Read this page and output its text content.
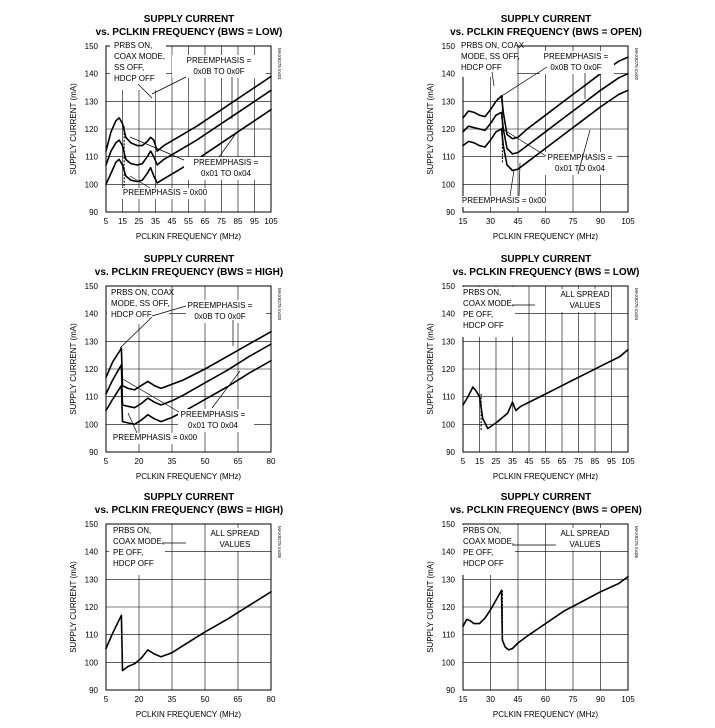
SUPPLY CURRENT
vs. PCLKIN FREQUENCY (BWS = LOW)
5 15 25 35 45 55 65 75 85 95 105
90
100
110
120
130
140
150
PCLKIN FREQUENCY (MHz)
SUPPLY CURRENT (mA)
MAX9275 toc01
PRBS ON,
COAX MODE,
SS OFF,
HDCP OFF
PREEMPHASIS =
0x0B TO 0x0F
PREEMPHASIS =
0x01 TO 0x04
PREEMPHASIS = 0x00
SUPPLY CURRENT
vs. PCLKIN FREQUENCY (BWS = OPEN)
15 30 45 60 75 90 105
90
100
110
120
130
140
150
PCLKIN FREQUENCY (MHz)
SUPPLY CURRENT (mA)
MAX9275 toc02
PRBS ON, COAX
MODE, SS OFF,
HDCP OFF
PREEMPHASIS =
0x0B TO 0x0F
PREEMPHASIS =
0x01 TO 0x04
PREEMPHASIS = 0x00
SUPPLY CURRENT
vs. PCLKIN FREQUENCY (BWS = HIGH)
5	20	35	50	65	80
90
100
110
120
130
140
150
PCLKIN FREQUENCY (MHz)
SUPPLY CURRENT (mA)
MAX9275 toc03
PRBS ON, COAX
MODE, SS OFF,
HDCP OFF
PREEMPHASIS =
0x0B TO 0x0F
PREEMPHASIS =
0x01 TO 0x04
PREEMPHASIS = 0x00
SUPPLY CURRENT
vs. PCLKIN FREQUENCY (BWS = LOW)
5 15 25 35 45 55 65 75 85 95 105
90
100
110
120
130
140
150
PCLKIN FREQUENCY (MHz)
SUPPLY CURRENT (mA)
MAX9275 toc04
PRBS ON,
COAX MODE,
PE OFF,
HDCP OFF
ALL SPREAD
VALUES
SUPPLY CURRENT
vs. PCLKIN FREQUENCY (BWS = HIGH)
5	20	35	50	65	80
90
100
110
120
130
140
150
PCLKIN FREQUENCY (MHz)
SUPPLY CURRENT (mA)
MAX9275 toc05
PRBS ON,
COAX MODE,
PE OFF,
HDCP OFF
ALL SPREAD
VALUES
SUPPLY CURRENT
vs. PCLKIN FREQUENCY (BWS = OPEN)
15 30 45 60 75 90 105
90
100
110
120
130
140
150
PCLKIN FREQUENCY (MHz)
SUPPLY CURRENT (mA)
MAX9275 toc06
PRBS ON,
COAX MODE,
PE OFF,
HDCP OFF
ALL SPREAD
VALUES
